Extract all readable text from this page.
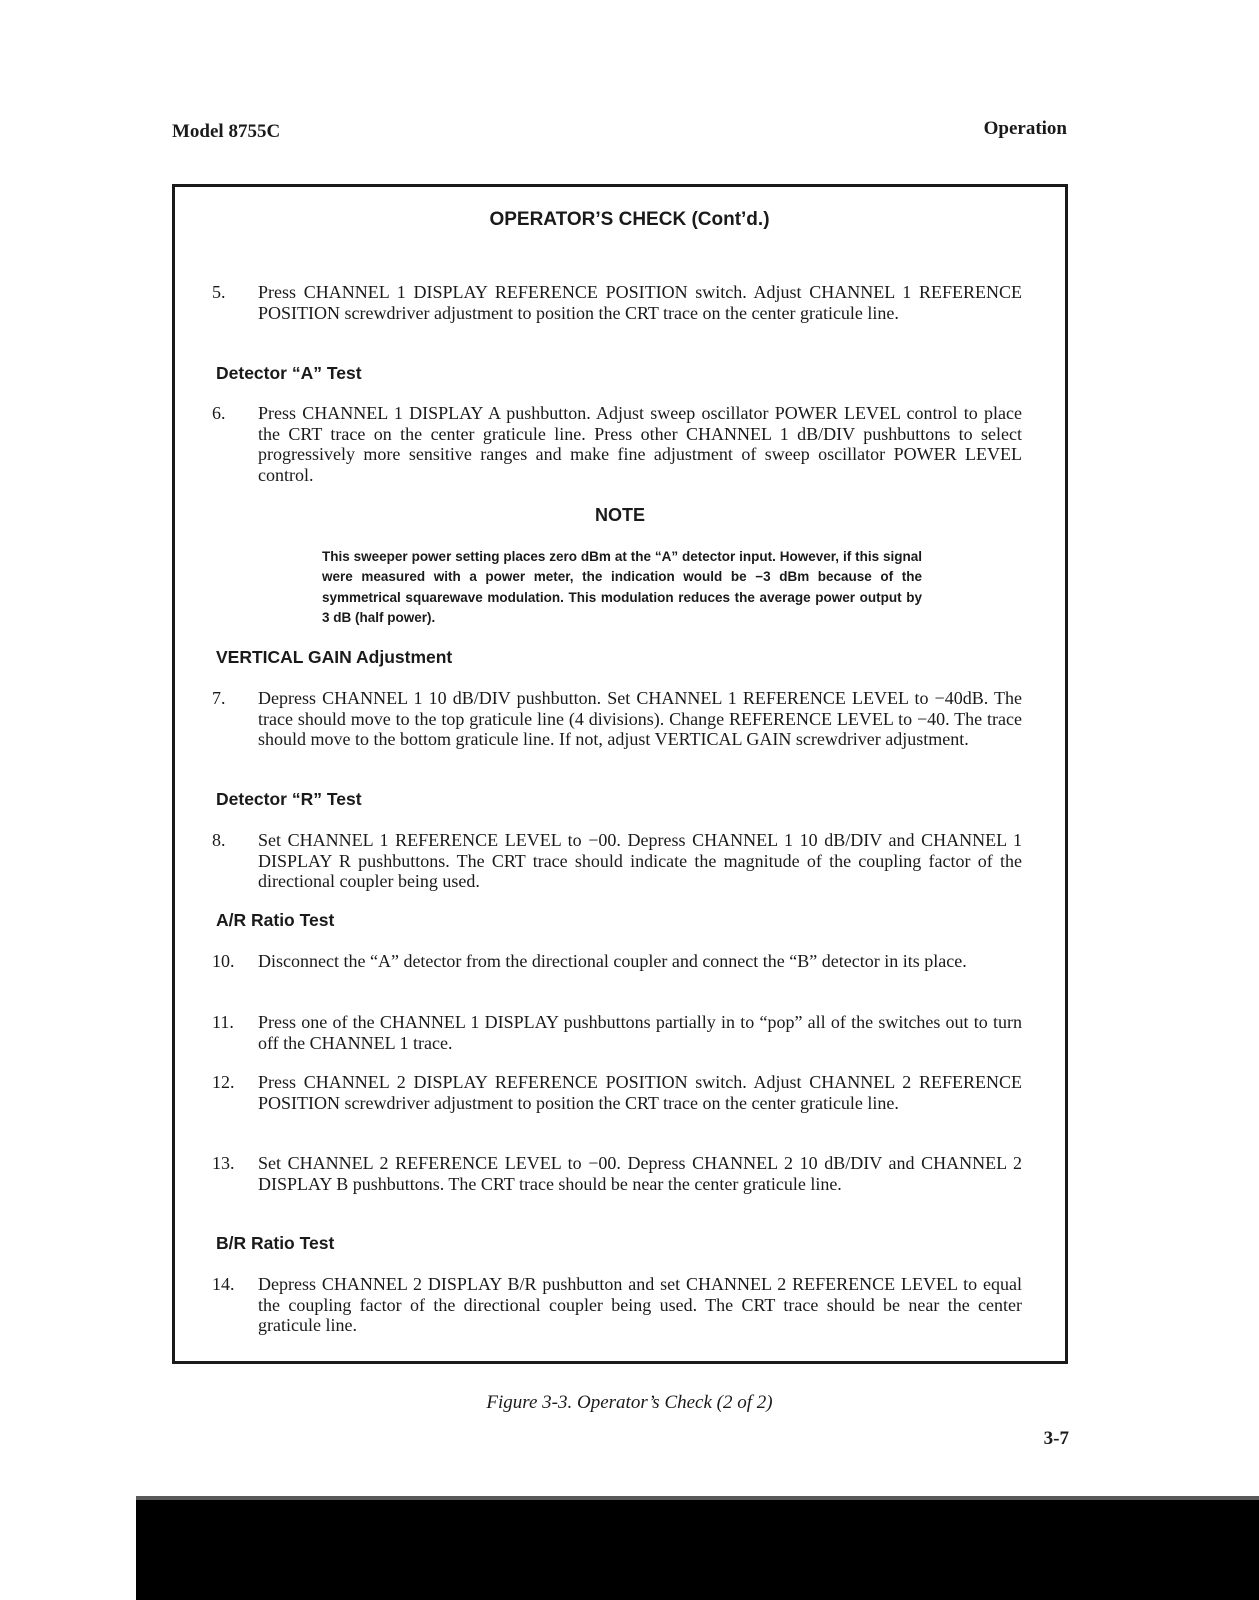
Model 8755C	Operation
OPERATOR’S CHECK (Cont’d.)
5. Press CHANNEL 1 DISPLAY REFERENCE POSITION switch. Adjust CHANNEL 1 REFERENCE POSITION screwdriver adjustment to position the CRT trace on the center graticule line.
Detector “A” Test
6. Press CHANNEL 1 DISPLAY A pushbutton. Adjust sweep oscillator POWER LEVEL control to place the CRT trace on the center graticule line. Press other CHANNEL 1 dB/DIV pushbuttons to select progressively more sensitive ranges and make fine adjustment of sweep oscillator POWER LEVEL control.
NOTE
This sweeper power setting places zero dBm at the “A” detector input. However, if this signal were measured with a power meter, the indication would be −3 dBm because of the symmetrical squarewave modulation. This modulation reduces the average power output by 3 dB (half power).
VERTICAL GAIN Adjustment
7. Depress CHANNEL 1 10 dB/DIV pushbutton. Set CHANNEL 1 REFERENCE LEVEL to −40dB. The trace should move to the top graticule line (4 divisions). Change REFERENCE LEVEL to −40. The trace should move to the bottom graticule line. If not, adjust VERTICAL GAIN screwdriver adjustment.
Detector “R” Test
8. Set CHANNEL 1 REFERENCE LEVEL to −00. Depress CHANNEL 1 10 dB/DIV and CHANNEL 1 DISPLAY R pushbuttons. The CRT trace should indicate the magnitude of the coupling factor of the directional coupler being used.
A/R Ratio Test
10. Disconnect the “A” detector from the directional coupler and connect the “B” detector in its place.
11. Press one of the CHANNEL 1 DISPLAY pushbuttons partially in to “pop” all of the switches out to turn off the CHANNEL 1 trace.
12. Press CHANNEL 2 DISPLAY REFERENCE POSITION switch. Adjust CHANNEL 2 REFERENCE POSITION screwdriver adjustment to position the CRT trace on the center graticule line.
13. Set CHANNEL 2 REFERENCE LEVEL to −00. Depress CHANNEL 2 10 dB/DIV and CHANNEL 2 DISPLAY B pushbuttons. The CRT trace should be near the center graticule line.
B/R Ratio Test
14. Depress CHANNEL 2 DISPLAY B/R pushbutton and set CHANNEL 2 REFERENCE LEVEL to equal the coupling factor of the directional coupler being used. The CRT trace should be near the center graticule line.
Figure 3-3. Operator’s Check (2 of 2)
3-7
